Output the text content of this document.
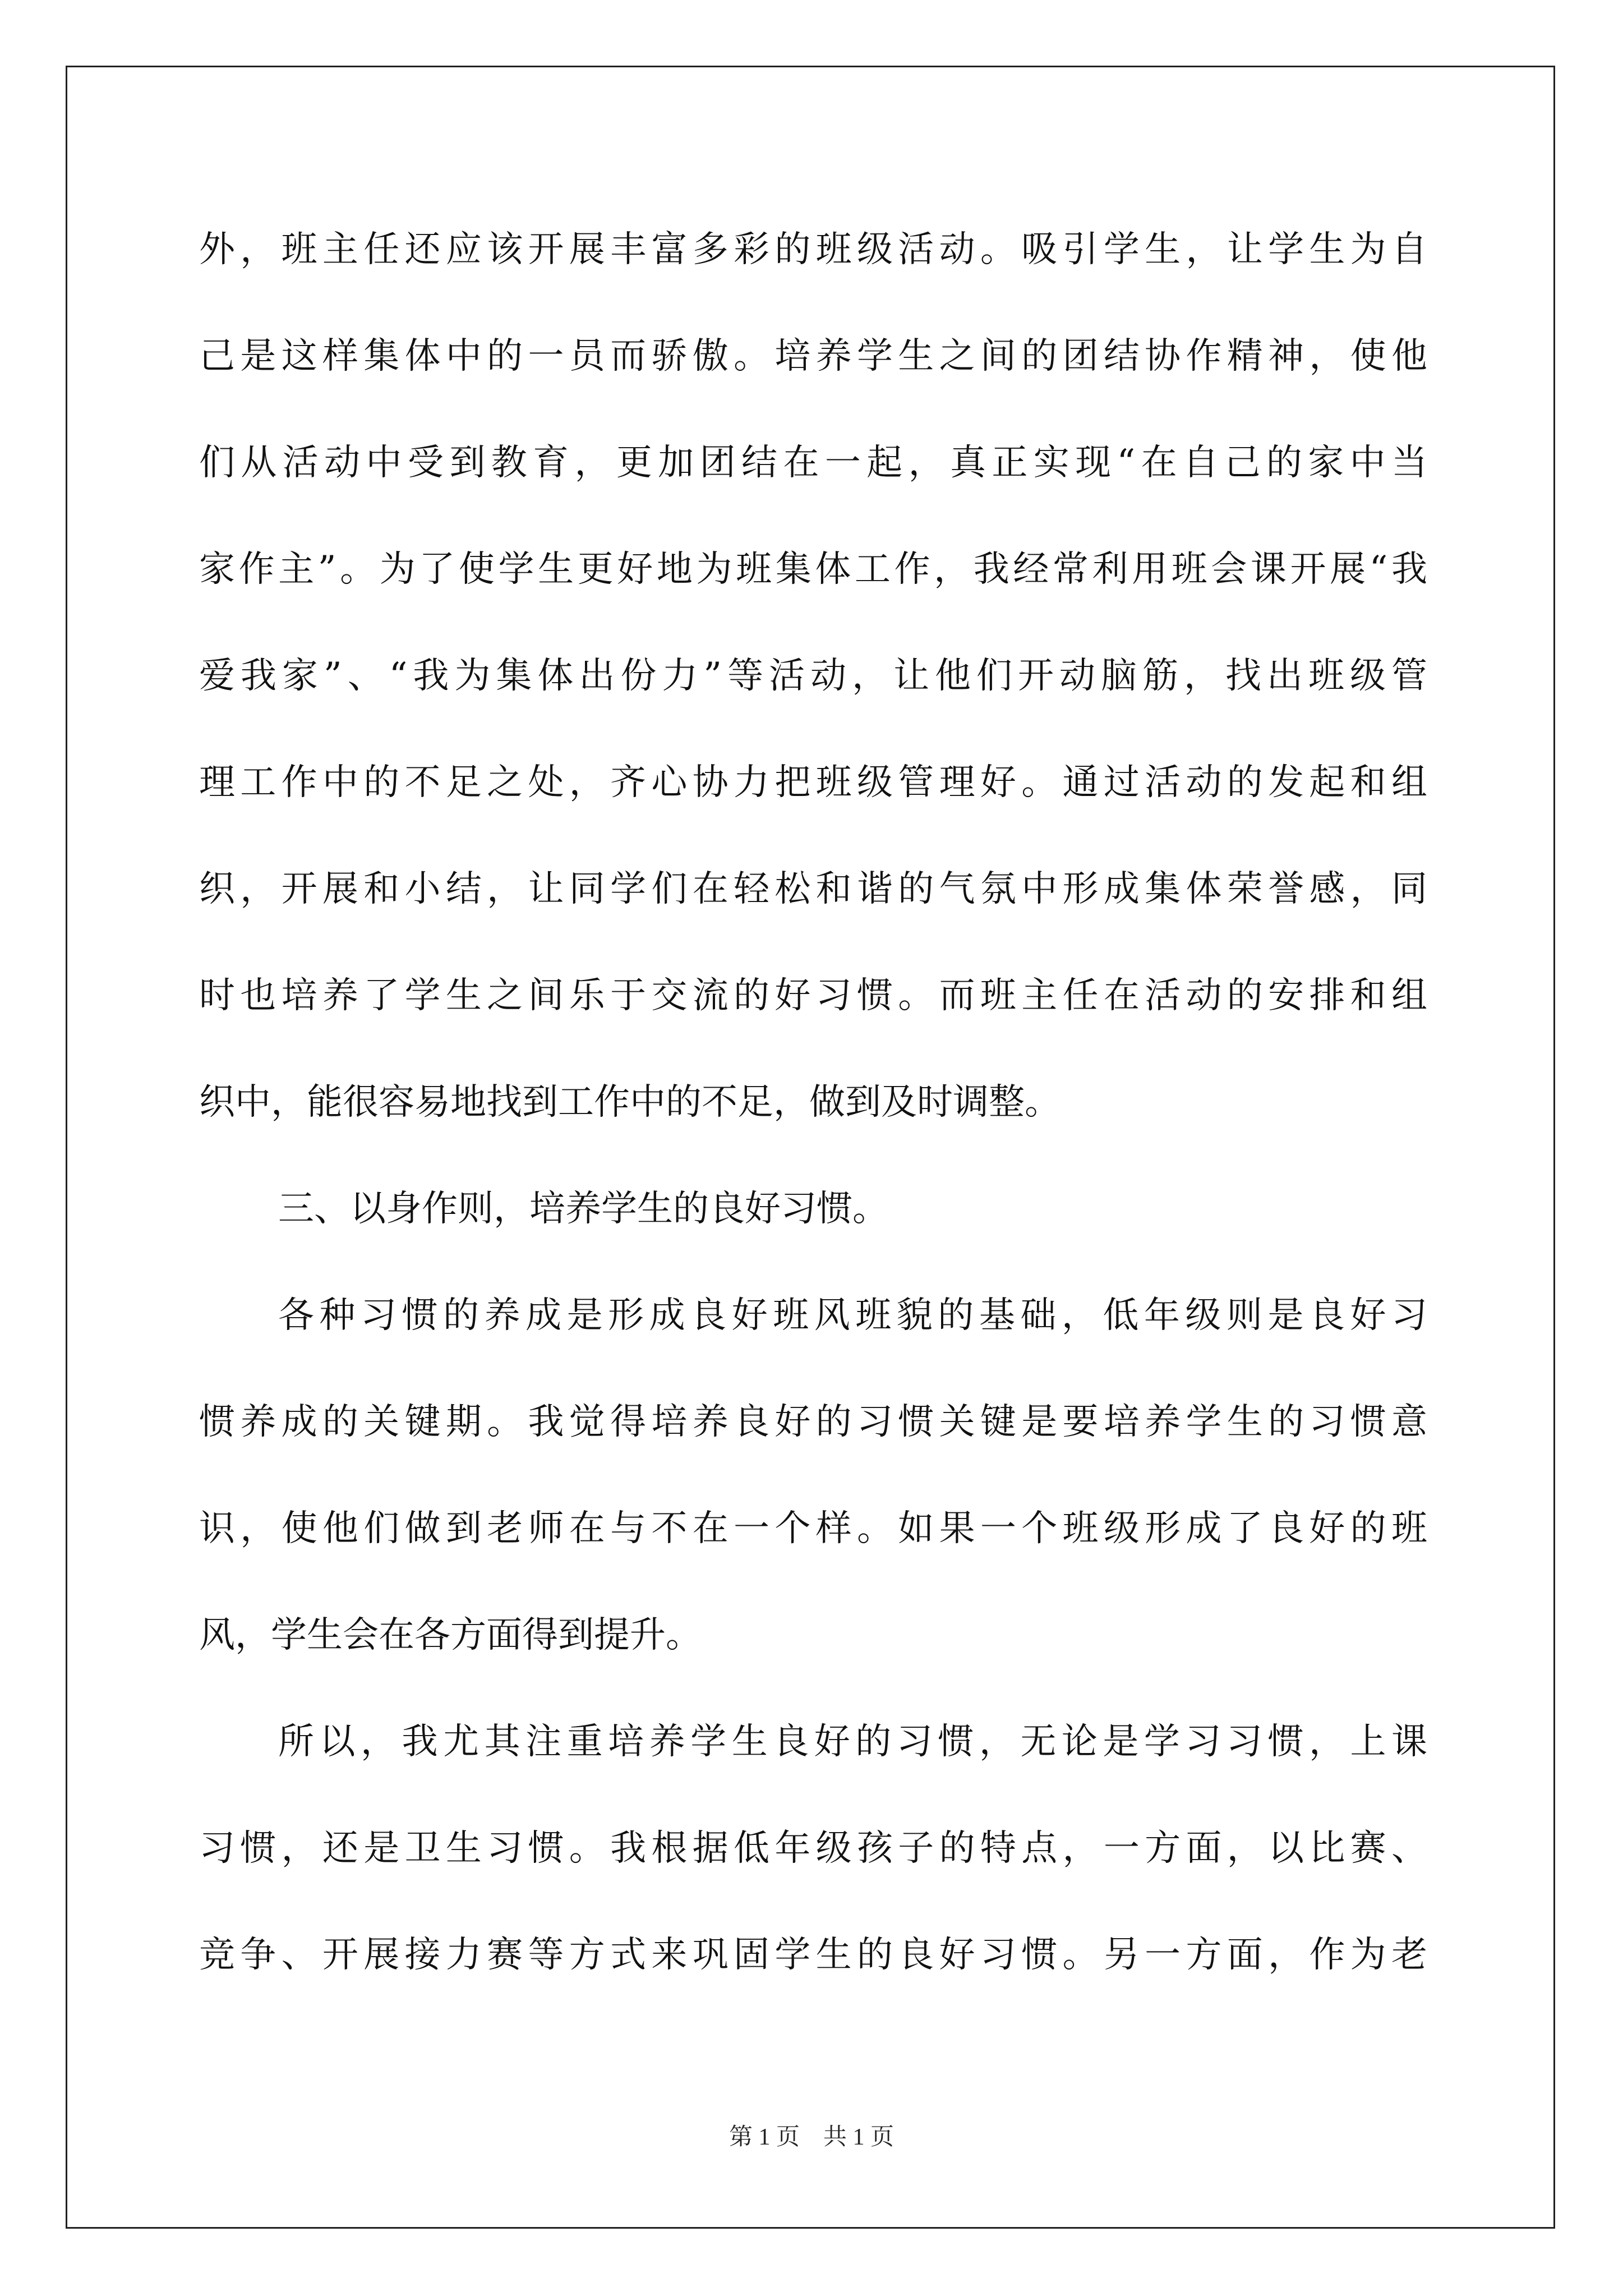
外，班主任还应该开展丰富多彩的班级活动。吸引学生，让学生为自
己是这样集体中的一员而骄傲。培养学生之间的团结协作精神，使他
们从活动中受到教育，更加团结在一起，真正实现“在自己的家中当
家作主”。为了使学生更好地为班集体工作，我经常利用班会课开展“我
爱我家”、“我为集体出份力”等活动，让他们开动脑筋，找出班级管
理工作中的不足之处，齐心协力把班级管理好。通过活动的发起和组
织，开展和小结，让同学们在轻松和谐的气氛中形成集体荣誉感，同
时也培养了学生之间乐于交流的好习惯。而班主任在活动的安排和组
织中，能很容易地找到工作中的不足，做到及时调整。
三、以身作则，培养学生的良好习惯。
各种习惯的养成是形成良好班风班貌的基础，低年级则是良好习
惯养成的关键期。我觉得培养良好的习惯关键是要培养学生的习惯意
识，使他们做到老师在与不在一个样。如果一个班级形成了良好的班
风，学生会在各方面得到提升。
所以，我尤其注重培养学生良好的习惯，无论是学习习惯，上课
习惯，还是卫生习惯。我根据低年级孩子的特点，一方面，以比赛、
竞争、开展接力赛等方式来巩固学生的良好习惯。另一方面，作为老
第 1 页　共 1 页
